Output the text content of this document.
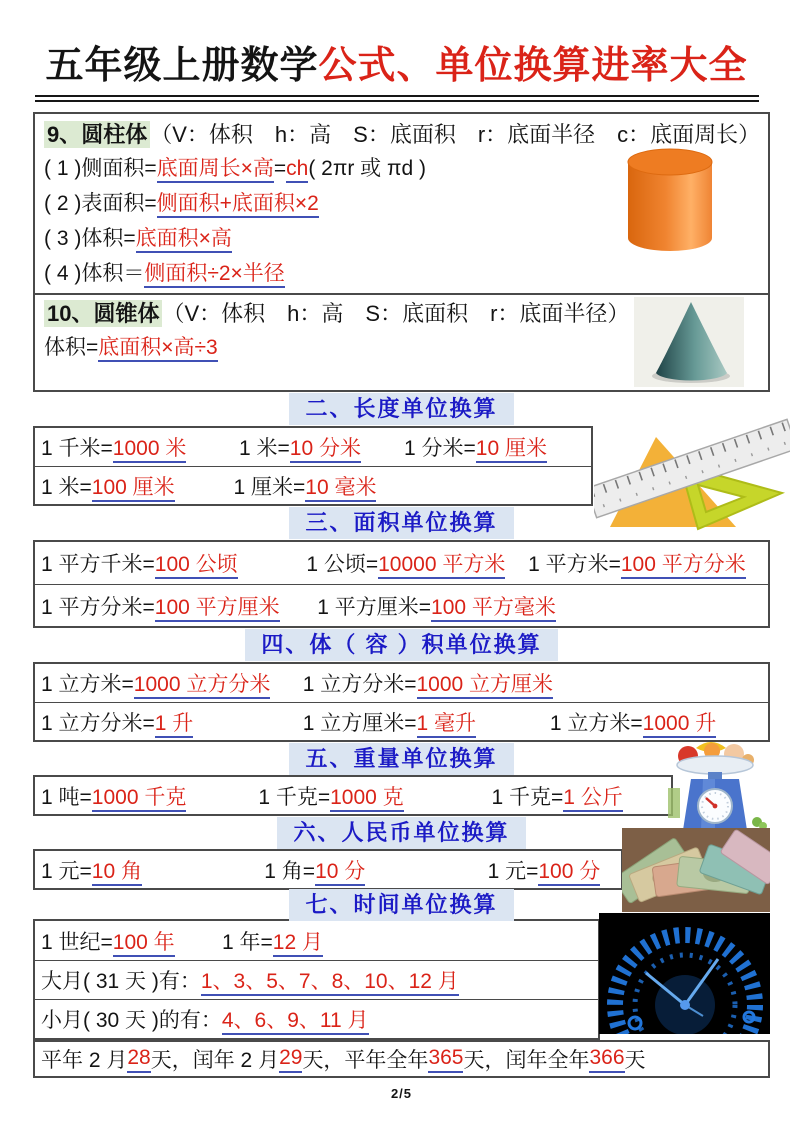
五年级上册数学公式、单位换算进率大全
9、圆柱体 （V：体积　h：高　S：底面积　r：底面半径　c：底面周长）
( 1 )侧面积=底面周长×高=ch( 2πr 或 πd )
( 2 )表面积=侧面积+底面积×2
( 3 )体积=底面积×高
( 4 )体积＝侧面积÷2×半径
10、圆锥体 （V：体积　h：高　S：底面积　r：底面半径）
体积=底面积×高÷3
二、长度单位换算
1 千米=1000 米	1 米=10 分米	1 分米=10 厘米
1 米=100 厘米	1 厘米=10 毫米
三、面积单位换算
1 平方千米=100 公顷	1 公顷=10000 平方米	1 平方米=100 平方分米
1 平方分米=100 平方厘米	1 平方厘米=100 平方毫米
四、体（ 容 ）积单位换算
1 立方米=1000 立方分米	1 立方分米=1000 立方厘米
1 立方分米=1 升	1 立方厘米=1 毫升	1 立方米=1000 升
五、重量单位换算
1 吨=1000 千克	1 千克=1000 克	1 千克=1 公斤
六、人民币单位换算
1 元=10 角	1 角=10 分	1 元=100 分
七、时间单位换算
1 世纪=100 年	1 年=12 月
大月( 31 天 )有：1、3、5、7、8、10、12 月
小月( 30 天 )的有：4、6、9、11 月
平年 2 月 28 天，闰年 2 月 29 天，平年全年 365 天，闰年全年 366 天
2/5
